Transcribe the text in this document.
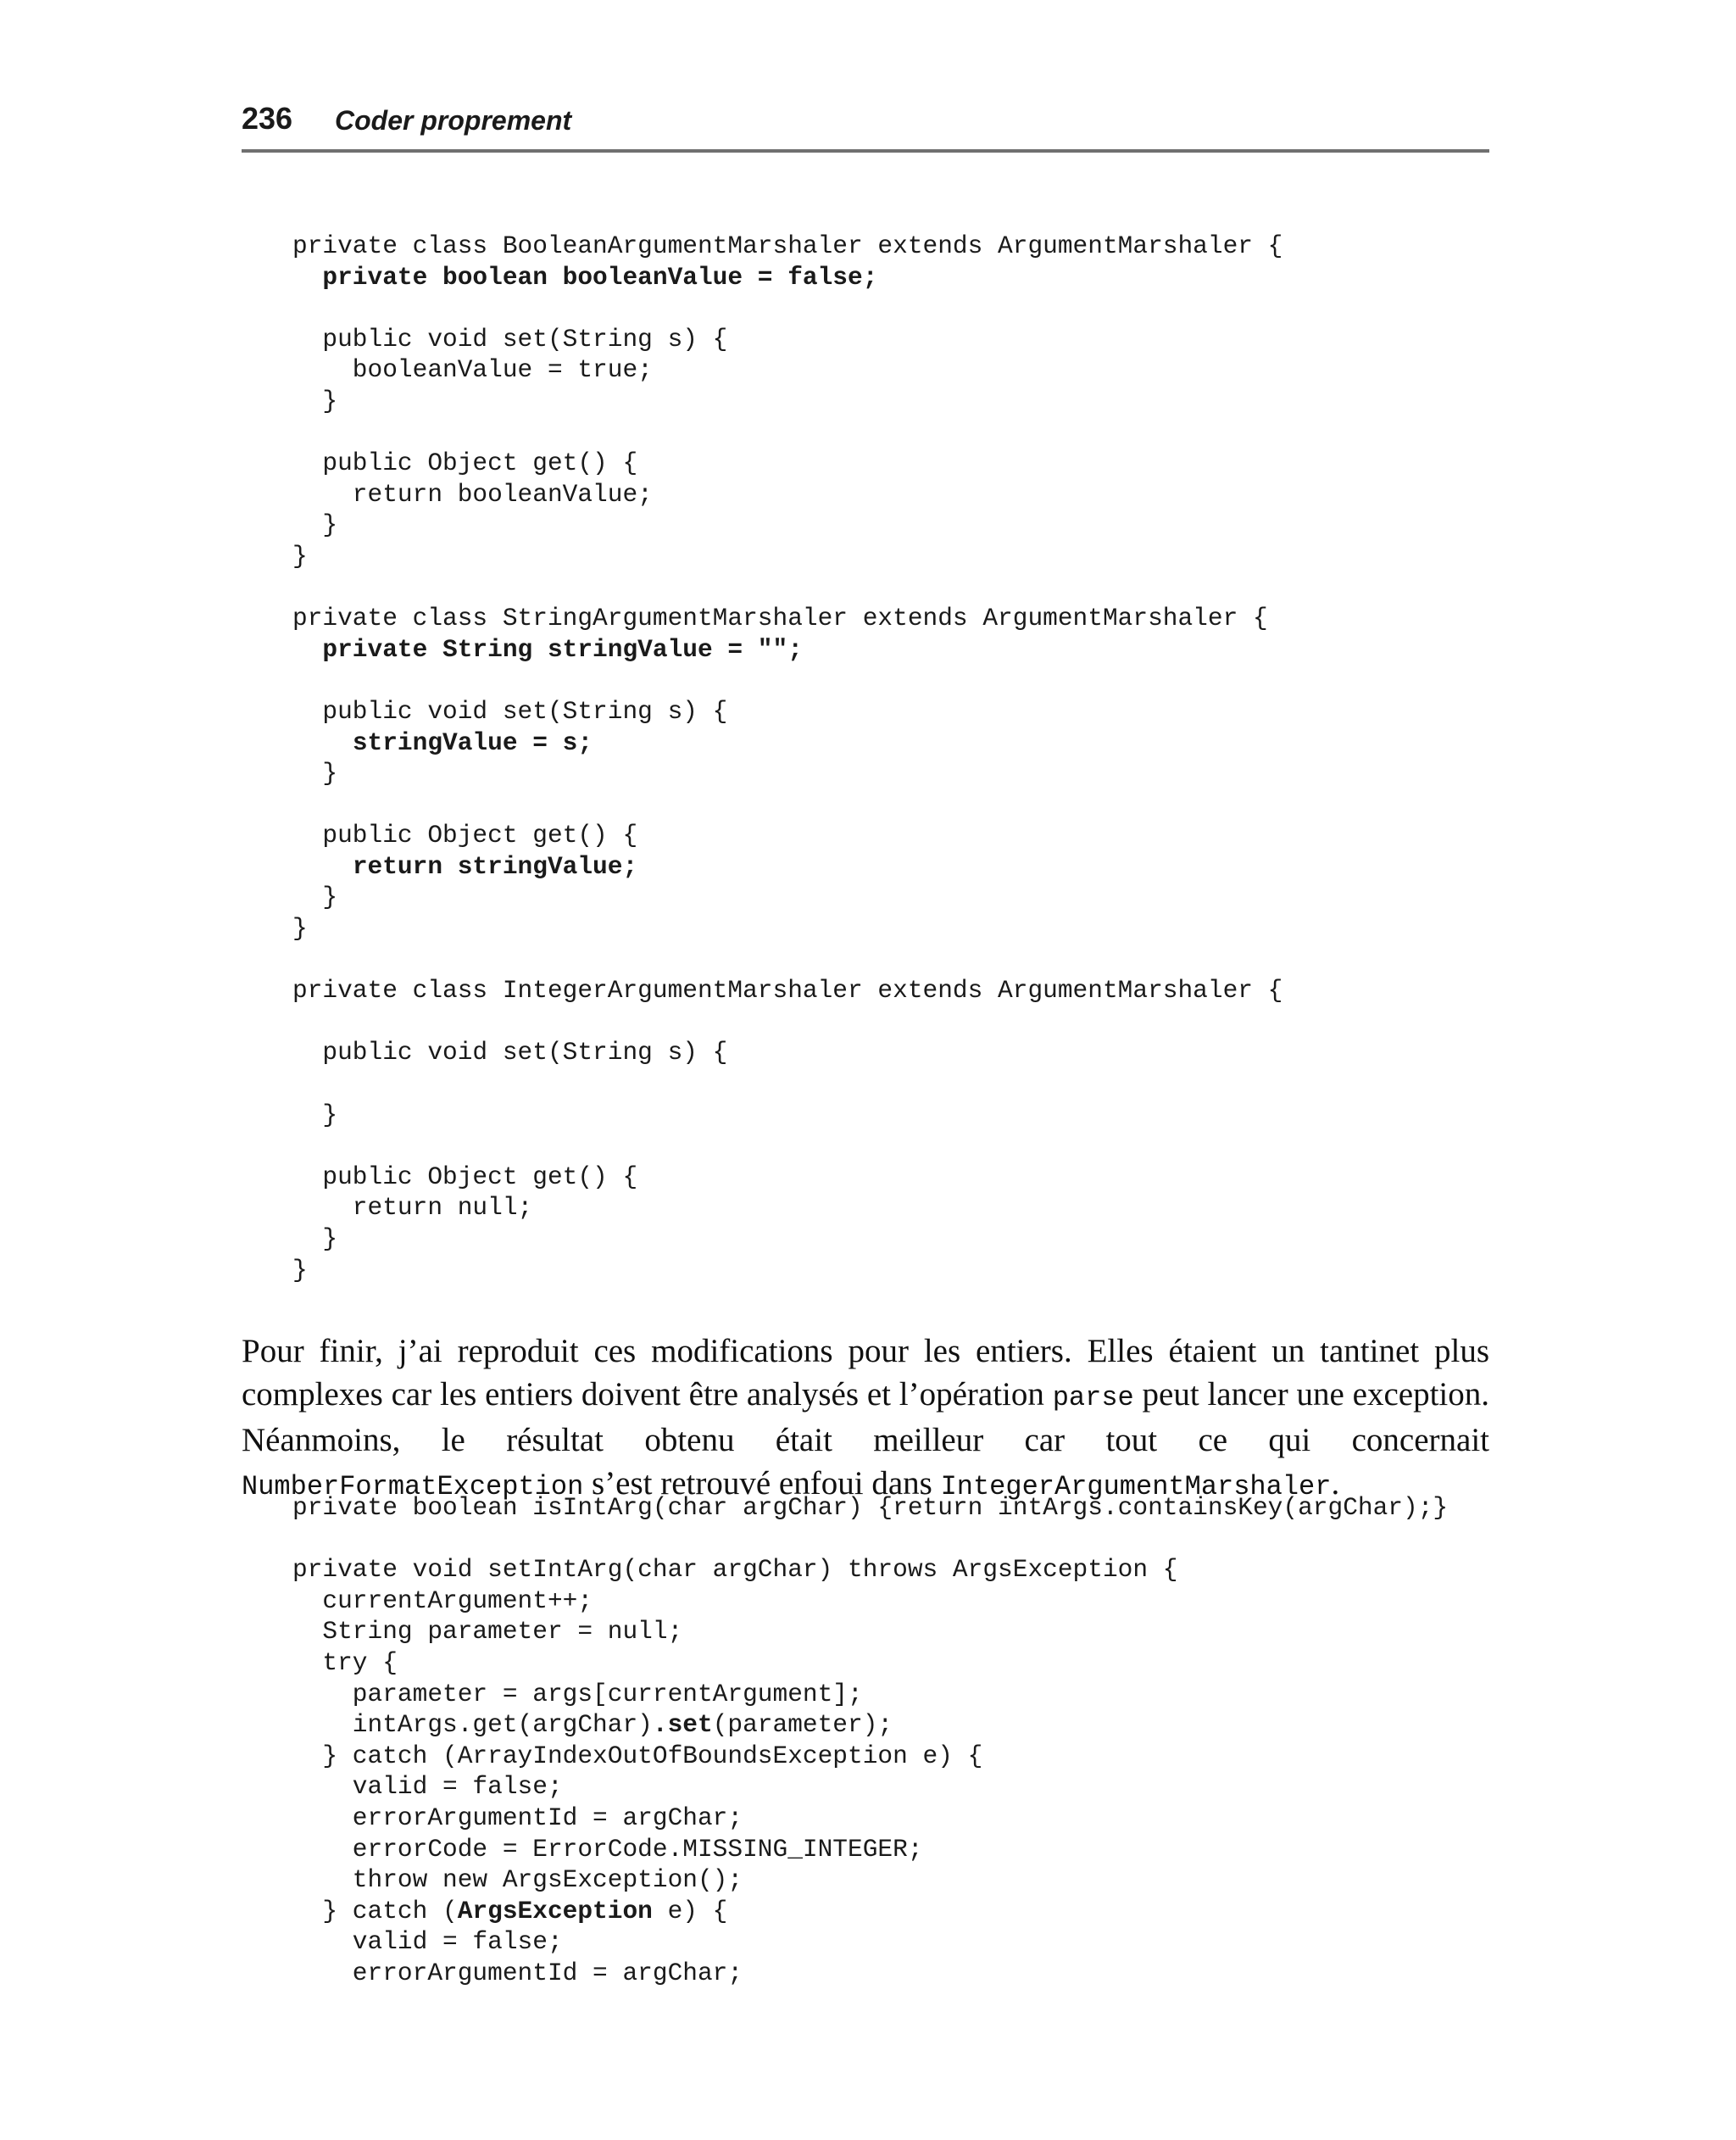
236 Coder proprement
private class BooleanArgumentMarshaler extends ArgumentMarshaler {
private boolean booleanValue = false;

public void set(String s) {
booleanValue = true;
}

public Object get() {
return booleanValue;
}
}

private class StringArgumentMarshaler extends ArgumentMarshaler {
private String stringValue = "";

public void set(String s) {
stringValue = s;
}

public Object get() {
return stringValue;
}
}

private class IntegerArgumentMarshaler extends ArgumentMarshaler {

public void set(String s) {

}

public Object get() {
return null;
}
}

Pour finir, j’ai reproduit ces modifications pour les entiers. Elles étaient un tantinet plus complexes car les entiers doivent être analysés et l’opération parse peut lancer une exception. Néanmoins, le résultat obtenu était meilleur car tout ce qui concernait NumberFormatException s’est retrouvé enfoui dans IntegerArgumentMarshaler.

private boolean isIntArg(char argChar) {return intArgs.containsKey(argChar);}

private void setIntArg(char argChar) throws ArgsException {
currentArgument++;
String parameter = null;
try {
parameter = args[currentArgument];
intArgs.get(argChar).set(parameter);
} catch (ArrayIndexOutOfBoundsException e) {
valid = false;
errorArgumentId = argChar;
errorCode = ErrorCode.MISSING_INTEGER;
throw new ArgsException();
} catch (ArgsException e) {
valid = false;
errorArgumentId = argChar;
